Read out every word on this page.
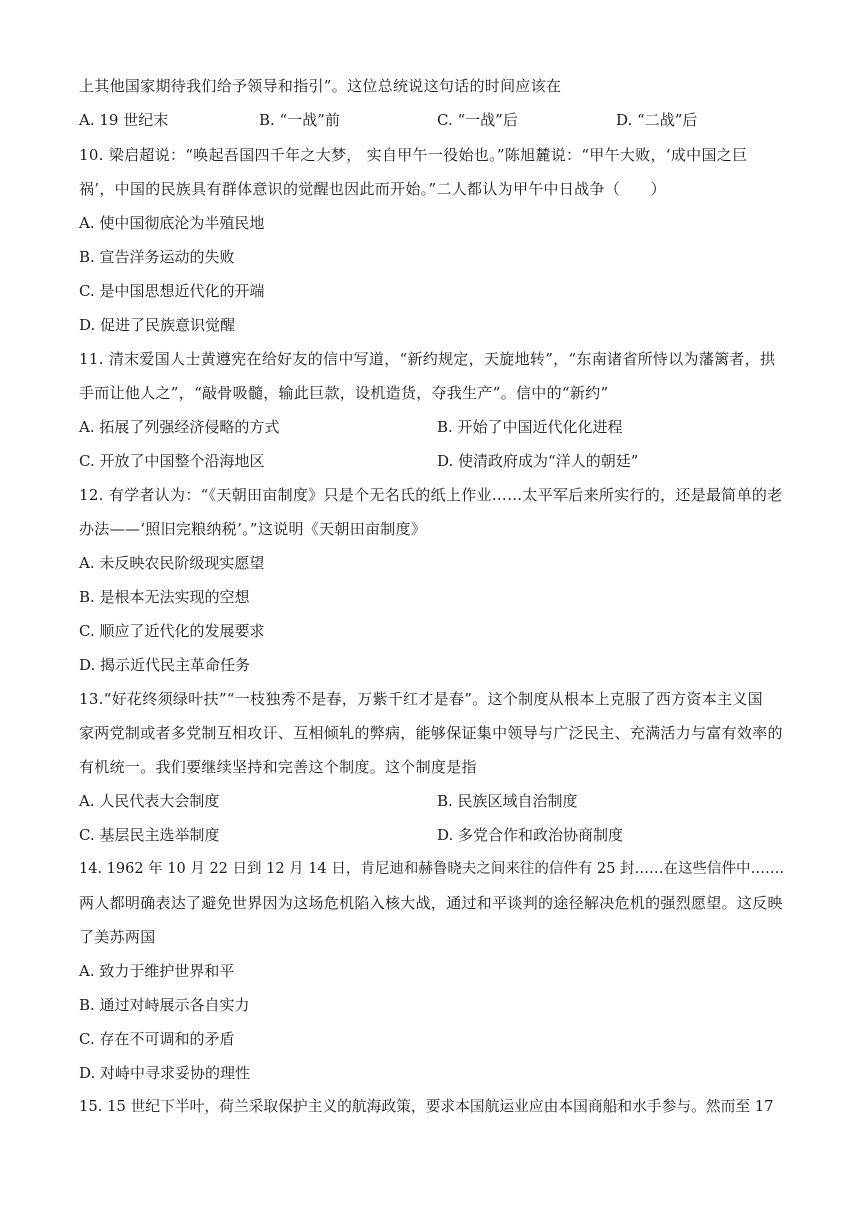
上其他国家期待我们给予领导和指引”。这位总统说这句话的时间应该在
A. 19 世纪末	B. “一战”前	C. “一战”后	D. “二战”后
10. 梁启超说：“唤起吾国四千年之大梦， 实自甲午一役始也。”陈旭麓说：“甲午大败，‘成中国之巨
祸’，中国的民族具有群体意识的觉醒也因此而开始。”二人都认为甲午中日战争（　　）
A. 使中国彻底沦为半殖民地
B. 宣告洋务运动的失败
C. 是中国思想近代化的开端
D. 促进了民族意识觉醒
11. 清末爱国人士黄遵宪在给好友的信中写道，“新约规定，天旋地转”，“东南诸省所恃以为藩篱者，拱
手而让他人之”，“敲骨吸髓，输此巨款，设机造货，夺我生产”。信中的“新约”
A. 拓展了列强经济侵略的方式	B. 开始了中国近代化化进程
C. 开放了中国整个沿海地区	D. 使清政府成为“洋人的朝廷”
12. 有学者认为：“《天朝田亩制度》只是个无名氏的纸上作业……太平军后来所实行的，还是最简单的老
办法——‘照旧完粮纳税’。”这说明《天朝田亩制度》
A. 未反映农民阶级现实愿望
B. 是根本无法实现的空想
C. 顺应了近代化的发展要求
D. 揭示近代民主革命任务
13.“好花终须绿叶扶”“一枝独秀不是春，万紫千红才是春”。这个制度从根本上克服了西方资本主义国
家两党制或者多党制互相攻讦、互相倾轧的弊病，能够保证集中领导与广泛民主、充满活力与富有效率的
有机统一。我们要继续坚持和完善这个制度。这个制度是指
A. 人民代表大会制度	B. 民族区域自治制度
C. 基层民主选举制度	D. 多党合作和政治协商制度
14. 1962 年 10 月 22 日到 12 月 14 日，肯尼迪和赫鲁晓夫之间来往的信件有 25 封……在这些信件中…….
两人都明确表达了避免世界因为这场危机陷入核大战，通过和平谈判的途径解决危机的强烈愿望。这反映
了美苏两国
A. 致力于维护世界和平
B. 通过对峙展示各自实力
C. 存在不可调和的矛盾
D. 对峙中寻求妥协的理性
15. 15 世纪下半叶，荷兰采取保护主义的航海政策，要求本国航运业应由本国商船和水手参与。然而至 17
